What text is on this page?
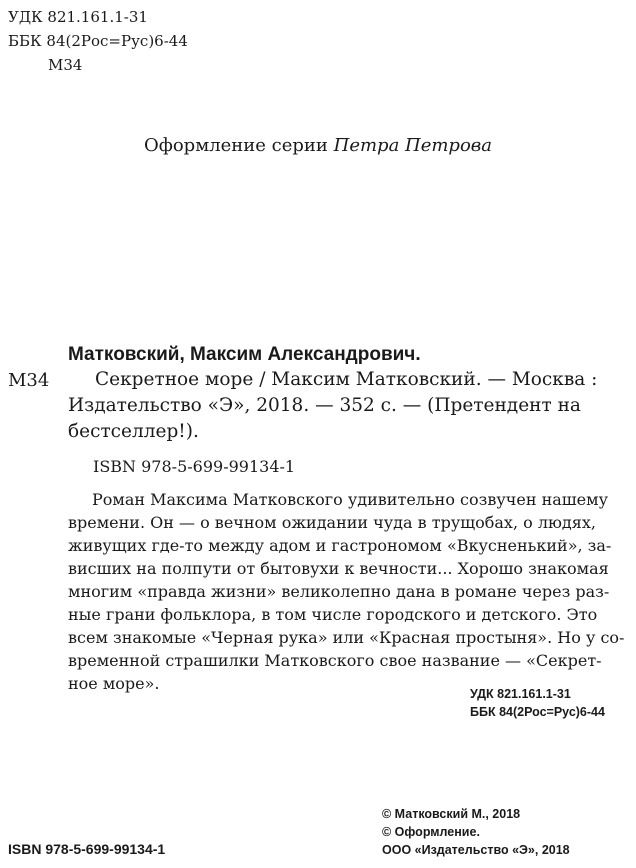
УДК 821.161.1-31
ББК 84(2Рос=Рус)6-44
М34
Оформление серии Петра Петрова
Матковский, Максим Александрович.
М34 Секретное море / Максим Матковский. — Москва :
Издательство «Э», 2018. — 352 с. — (Претендент на
бестселлер!).
ISBN 978-5-699-99134-1
Роман Максима Матковского удивительно созвучен нашему
времени. Он — о вечном ожидании чуда в трущобах, о людях,
живущих где-то между адом и гастрономом «Вкусненький», за-
висших на полпути от бытовухи к вечности... Хорошо знакомая
многим «правда жизни» великолепно дана в романе через раз-
ные грани фольклора, в том числе городского и детского. Это
всем знакомые «Черная рука» или «Красная простыня». Но у со-
временной страшилки Матковского свое название — «Секрет-
ное море».
УДК 821.161.1-31
ББК 84(2Рос=Рус)6-44
© Матковский М., 2018
© Оформление.
ООО «Издательство «Э», 2018
ISBN 978-5-699-99134-1
